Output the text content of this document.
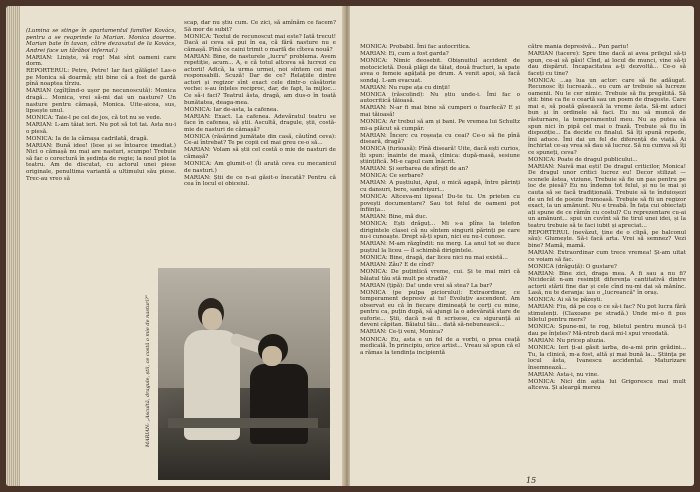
(Lumina se stinge în apartamentul familiei Kovács, pentru a se reaprinde la Marian. Monica doarme. Marian bate în tavan, către dezaxatul de la Kovács, Andrei face un tărăboi infernal.)

MARIAN: Liniște, vă rog! Mai sînt oameni care dorm.

REPORTERUL: Petre, Petre! Iar faci gălăgie! Las-o pe Monica să doarmă; știi bine că a fost de gardă pînă noaptea tîrziu.

MARIAN (zgîlțîind-o ușor pe necunoscută): Monica dragă... Monica, vrei să-mi dai un nasture? Un nasture pentru cămașă, Monica. Uite-aicea, sus, lipsește unul.

MONICA: Taie-l pe cel de jos, că tot nu se vede.

MARIAN: L-am tăiat ieri. Nu pot să tot tai. Asta nu-i o piesă.

MONICA: Ia de la cămașa cadrilată, dragă.

MARIAN: Bună idee! (Iese și se întoarce imediat.) Nici o cămașă nu mai are nasturi, scumpo! Trebuie să fac o corectură în ședința de regie; la noul plot la teatru. Am de discutat, cu actorul unei piese originale, penultima variantă a ultimului său piese. Trec-au vreo să

scap, dar nu știu cum. Ce zici, să amînăm ce facem? Să mor de subit?

MONICA: Textul de recunoscut mai este? Iată trecut! Dacă ai ceva să pui în ea, că fără nasture nu e cămașă. Pînă ce caini trimit o marfă de cîteva nouă?

MARIAN: Bine, de nasturele „lucru" problema. Avem repetiție, acum... A, e că totul altceva să lucrezi cu actorii! Adică, la urma urmei, noi sîntem cei mai responsabili. Scuză! Dar de ce? Relațiile dintre actori și regizor sînt exact cele dintr-o căsătorie veche: s-au înțeles reciproc, dar, de fapt, la mijloc... Ce să-i faci? Teatrul ăsta, dragă, am dus-o în toată bunătatea, deaga-mea.

MONICA: Iar de-asta, la cafenea.

MARIAN: Exact. La cafenea. Adevăratul teatru se face în cafenea, să știi. Ascultă, dragule, știi, costă-mie de nasturi de cămașă?

MONICA (răsărind jumătate din casă, căutînd ceva): Ce-ai întrebat? Te pe copii cel mai greu ce-o să...

MARIAN: Volam să știi cel costă o mie de nasturi de cămașă?

MONICA: Am glumit-o! (Îi arată ceva cu mecanicul de nasturi.)

MARIAN: Știi de ce n-ai găsit-o înecată? Pentru că cea în locul ei obiceiul.

MARIAN: „Ascultă, dragule, știi, ce costă o mie de nasturi?"

MONICA: Probabil. Îmi fac autocritica.

MARIAN: Ei, cum a fost garda?

MONICA: Nimic deosebit. Obișnuitul accident de motocicletă. Două plăgi de tăiat, două fracturi, la spate avea o femeie agățată pe drum. A venit apoi, să facă sondaj. L-am evacuat.

MARIAN: Nu rupe ața cu dinții!

MONICA (răscolind): Nu știu unde-i. Îmi fac o autocritică tăioasă.

MARIAN: N-ar fi mai bine să cumperi o foarfecă? E și mai tăioasă!

MONICA: Ar trebui să am și bani. Pe vremea lui Schultz mi-a plăcut să cumpăr.

MARIAN: Încerc cu roșeața cu ceai? Ce-o să fie pînă diseară, dragă?

MONICA (furioasă): Pînă diseară! Uite, dacă ești curios, îți spun: înainte de masă, clinica: după-masă, sesiune științifică. Mi-e capul cam înăcrit.

MARIAN: Și serbarea de sfîrșit de an?

MONICA: Ce serbare?

MARIAN: A puștiului, Apul, o mică agapă, între părinți cu dansuri, bere, sandvișuri...

MONICA: Altceva-mi lipsea! Du-te tu. Un prieten cu povești documentare? Sau tot felul de oameni pot înființa...

MARIAN: Bine, mă duc.

MONICA: Ești drăguț... Mi s-a plîns la telefon dirigintele clasei că nu sîntem singurii părinți pe care nu-i cunoaște. Drept să-ți spun, nici eu nu-l cunosc.

MARIAN: M-am răzgîndit: nu merg. La anul tot se duce puștiul la liceu — îl schimbă dirigintele.

MONICA: Bine, dragă, dar liceu nici nu mai există...

MARIAN: Zău? E de cînd?

MONICA: De puțintică vreme, cui. Și te mai miri că băiatul tău stă mult pe stradă?

MARIAN (țipă): Da! unde vrei să stea? La bar?

MONICA (pe pulpa piciorului): Extraordinar, ce temperament depresiv ai tu! Evoluțiv ascendent. Am observat eu că în fiecare dimineață te cerți cu mine, pentru ca, puțin după, să ajungi la o adevărată stare de euforie... Știi, dacă n-ai fi scrisese, cu siguranță ai deveni căpitan. Băiatul tău... dată să-nebunească...

MARIAN: Ce-ți veni, Monica?

MONICA: Eu, asta e un fel de a vorbi, o prea ceață medicală. În principiu, orice artist... Vreau să spun că el a rămas la tendința incipientă

către mania depresivă... Pun pariu!

MARIAN (tacere): Spre tine dacă ai avea prilejul să-ți spun, ce-ai să găsi! Cînd, ai locul de munci, vine să-ți dau dispărut. Incapacitatea a-ți dezvoltă... Ce-o să faceți cu tine?

MONICA: ...aș lua un actor: care să fie adăugat. Recunosc îți lucrează... eu cum ar trebuie să lucreze oamenii. Nu le cer nimic. Trebuie să fiu pregătită. Să știi: bine ca fie o ceartă sau un poem de dragoste. Care mai e, să poată găsească la vreme ăsta. Să-mi aduci bun și în ordinele să faci. Eu nu să muncă de răsturnare, la temperamentul meu. Nu aș putea să spun nici în pipă cel mai o frază. Trebuie să fiu în dispoziție... Ea decide cu finalul. Să îți spună repede, îmi aduce. Îmi dai un fel de diferență de viață. Ai închiriat ce-aș vrea să dau să lucrez. Să nu cumva să îți ce spuneți, ceva?

MONICA: Poate de dragul publicului...

MARIAN: Naivă mai ești! De dragul criticilor, Monica! De dragul unor critici lucrez eu! Decor stilizat — scenele ăstea, viziune. Trebuie să fie un pas pentru pe loc de piesă? Eu nu îndemn tot felul, și nu le mai și cauta să se facă tradițională. Trebuie să te înduioșezi de un fel de poezie frumoasă. Trebuie să fii un regizor exact, la un amănunt. Nu e treabă. În fața cui obiectați ați spune de ce rămîn cu costul? Cu reprezentare cu-ai un amănunt... spui un cuvînt să fie tirul unei idei, și la teatru trebuie să te faci iubit și apreciat...

REPORTERUL (nevăzut, ține de o clipă, pe balconul său): Glumește. Să-i facă arta. Vrei să semnez? Vezi bine? Mamă, mamă.

MARIAN: Extraordinar cum trece vremea! Și-am uitat ce voiam să fac.

MONICA (drăguță): O gustare?

MARIAN: Bine zici, draga mea. A fi sau a nu fi? Nicidecât n-am resimțit diferența cantitativă dintre actorii stării fine dar și cele cînd nu-mi dai să mănînc. Lasă, nu te deranja: iau o „lucreancă" în oraș.

MONICA: Ai să te păzești.

MARIAN: Fiu, dă pe coș o ce să-i fac? Nu pot lucra fără stimulenți. (Claxoane pe stradă.) Unde mi-o fi pus biletul pentru mers?

MONICA: Spune-mi, te rog, biletul pentru muncă ți-l dau pe înțeles? Mă-ntreb dacă mi-l spui vreodată.

MARIAN: Nu pricep aluzia.

MONICA: Ieri ți-ai găsit iarba, de-a-mi prin grădini... Tu, la clinică, m-a fost, altă și mai bună la... Știința pe locul ăsta, Ivanescu accidental. Maturizare însemnează...

MARIAN: Asta-i, nu vine.

MONICA: Nici din aștia lui Grigorescu mai mult altceva. Și aleargă mereu

15
